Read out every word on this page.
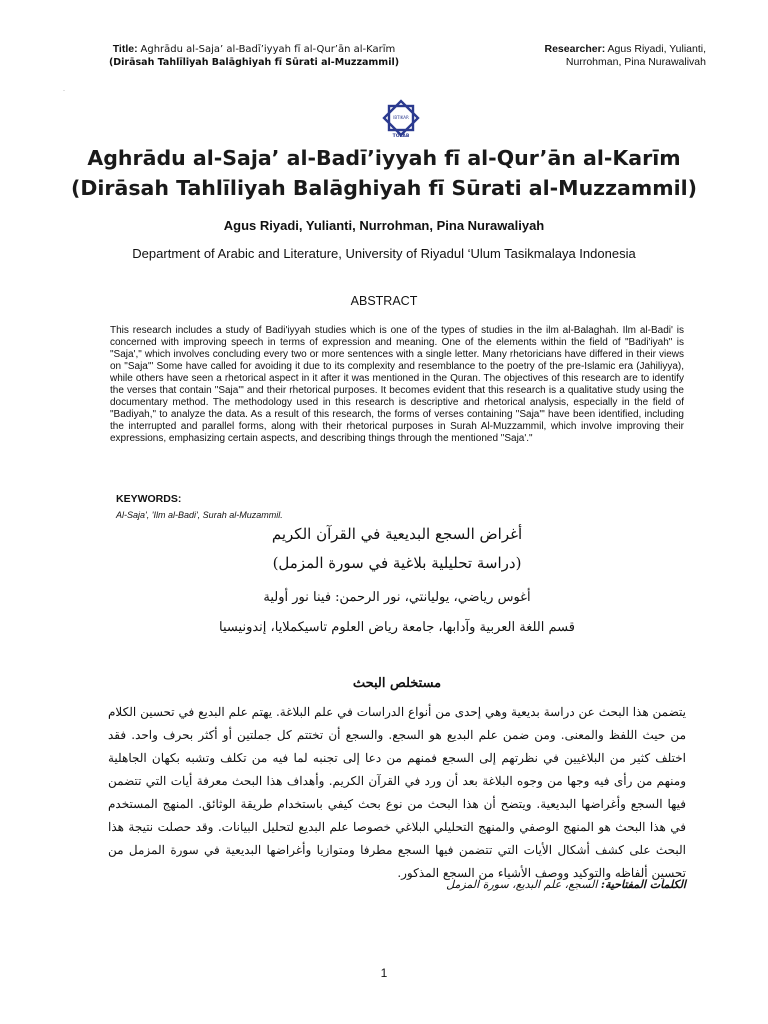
Title: Aghrādu al-Saja’ al-Badī’iyyah fī al-Qur’ān al-Karīm
(Dirāsah Tahlīliyah Balāghiyah fī Sūrati al-Muzzammil)
Researcher: Agus Riyadi, Yulianti, Nurrohman, Pina Nurawalivah
·
IBTIKAR
TOLAB
Aghrādu al-Saja’ al-Badī’iyyah fī al-Qur’ān al-Karīm
(Dirāsah Tahlīliyah Balāghiyah fī Sūrati al-Muzzammil)
Agus Riyadi, Yulianti, Nurrohman, Pina Nurawaliyah
Department of Arabic and Literature, University of Riyadul ‘Ulum Tasikmalaya Indonesia
ABSTRACT

This research includes a study of Badi'iyyah studies which is one of the types of studies in the ilm al-Balaghah. Ilm al-Badi' is concerned with improving speech in terms of expression and meaning. One of the elements within the field of "Badi'iyah" is "Saja'," which involves concluding every two or more sentences with a single letter. Many rhetoricians have differed in their views on "Saja'" Some have called for avoiding it due to its complexity and resemblance to the poetry of the pre-Islamic era (Jahiliyya), while others have seen a rhetorical aspect in it after it was mentioned in the Quran. The objectives of this research are to identify the verses that contain "Saja'" and their rhetorical purposes. It becomes evident that this research is a qualitative study using the documentary method. The methodology used in this research is descriptive and rhetorical analysis, especially in the field of "Badiyah," to analyze the data. As a result of this research, the forms of verses containing "Saja'" have been identified, including the interrupted and parallel forms, along with their rhetorical purposes in Surah Al-Muzzammil, which involve improving their expressions, emphasizing certain aspects, and describing things through the mentioned "Saja'."

KEYWORDS:
Al-Saja', 'Ilm al-Badi', Surah al-Muzammil.
أغراض السجع البديعية في القرآن الكريم
(دراسة تحليلية بلاغية في سورة المزمل)
أغوس رياضي، يوليانتي، نور الرحمن: فينا نور أولية
قسم اللغة العربية وآدابها، جامعة رياض العلوم تاسيكملايا، إندونيسيا
مستخلص البحث

يتضمن هذا البحث عن دراسة بديعية وهي إحدى من أنواع الدراسات في علم البلاغة. يهتم علم البديع في تحسين الكلام من حيث اللفظ والمعنى. ومن ضمن علم البديع هو السجع. والسجع أن تختتم كل جملتين أو أكثر بحرف واحد. فقد اختلف كثير من البلاغيين في نظرتهم إلى السجع فمنهم من دعا إلى تجنبه لما فيه من تكلف وتشبه بكهان الجاهلية ومنهم من رأى فيه وجها من وجوه البلاغة بعد أن ورد في القرآن الكريم. وأهداف هذا البحث معرفة أيات التي تتضمن فيها السجع وأغراضها البديعية. ويتضح أن هذا البحث من نوع بحث كيفي باستخدام طريقة الوثائق. المنهج المستخدم في هذا البحث هو المنهج الوصفي والمنهج التحليلي البلاغي خصوصا علم البديع لتحليل البيانات. وقد حصلت نتيجة هذا البحث على كشف أشكال الأيات التي تتضمن فيها السجع مطرفا ومتوازيا وأغراضها البديعية في سورة المزمل من تحسين ألفاظه والتوكيد ووصف الأشياء من السجع المذكور.

الكلمات المفتاحية: السجع، علم البديع، سورة المزمل
1
